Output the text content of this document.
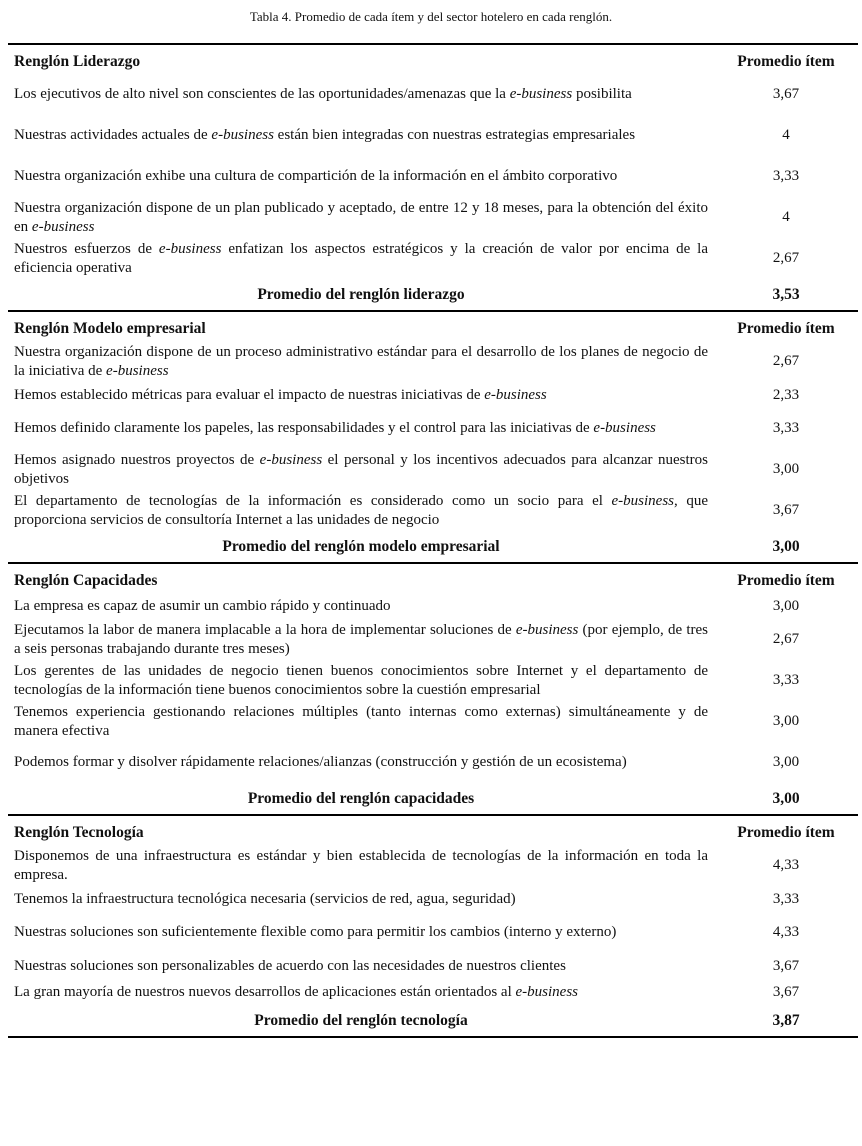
Tabla 4. Promedio de cada ítem y del sector hotelero en cada renglón.
Renglón Liderazgo	Promedio ítem
Los ejecutivos de alto nivel son conscientes de las oportunidades/amenazas que la e-business posibilita	3,67
Nuestras actividades actuales de e-business están bien integradas con nuestras estrategias empresariales	4
Nuestra organización exhibe una cultura de compartición de la información en el ámbito corporativo	3,33
Nuestra organización dispone de un plan publicado y aceptado, de entre 12 y 18 meses, para la obtención del éxito en e-business	4
Nuestros esfuerzos de e-business enfatizan los aspectos estratégicos y la creación de valor por encima de la eficiencia operativa	2,67
Promedio del renglón liderazgo	3,53
Renglón Modelo empresarial	Promedio ítem
Nuestra organización dispone de un proceso administrativo estándar para el desarrollo de los planes de negocio de la iniciativa de e-business	2,67
Hemos establecido métricas para evaluar el impacto de nuestras iniciativas de e-business	2,33
Hemos definido claramente los papeles, las responsabilidades y el control para las iniciativas de e-business	3,33
Hemos asignado nuestros proyectos de e-business el personal y los incentivos adecuados para alcanzar nuestros objetivos	3,00
El departamento de tecnologías de la información es considerado como un socio para el e-business, que proporciona servicios de consultoría Internet a las unidades de negocio	3,67
Promedio del renglón modelo empresarial	3,00
Renglón Capacidades	Promedio ítem
La empresa es capaz de asumir un cambio rápido y continuado	3,00
Ejecutamos la labor de manera implacable a la hora de implementar soluciones de e-business (por ejemplo, de tres a seis personas trabajando durante tres meses)	2,67
Los gerentes de las unidades de negocio tienen buenos conocimientos sobre Internet y el departamento de tecnologías de la información tiene buenos conocimientos sobre la cuestión empresarial	3,33
Tenemos experiencia gestionando relaciones múltiples (tanto internas como externas) simultáneamente y de manera efectiva	3,00
Podemos formar y disolver rápidamente relaciones/alianzas (construcción y gestión de un ecosistema)	3,00
Promedio del renglón capacidades	3,00
Renglón Tecnología	Promedio ítem
Disponemos de una infraestructura es estándar y bien establecida de tecnologías de la información en toda la empresa.	4,33
Tenemos la infraestructura tecnológica necesaria (servicios de red, agua, seguridad)	3,33
Nuestras soluciones son suficientemente flexible como para permitir los cambios (interno y externo)	4,33
Nuestras soluciones son personalizables de acuerdo con las necesidades de nuestros clientes	3,67
La gran mayoría de nuestros nuevos desarrollos de aplicaciones están orientados al e-business	3,67
Promedio del renglón tecnología	3,87
